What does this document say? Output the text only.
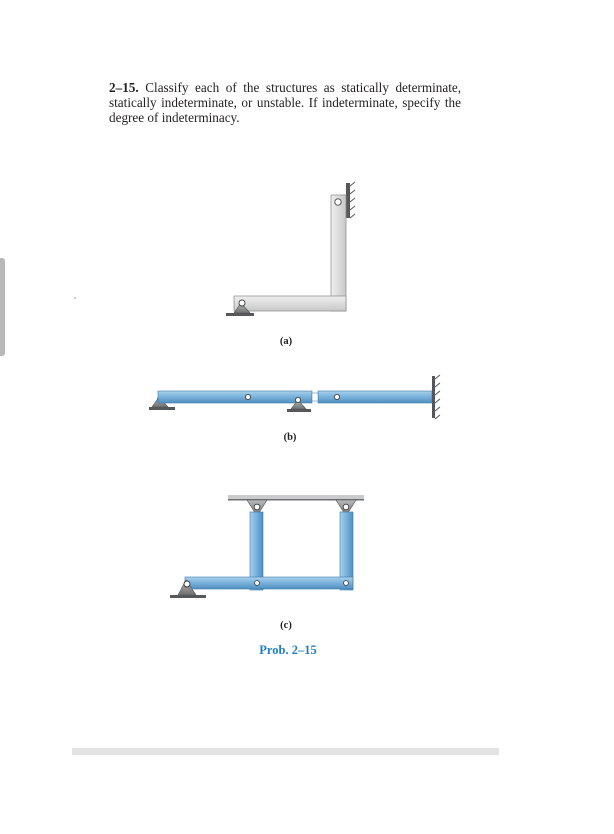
2–15. Classify each of the structures as statically determinate, statically indeterminate, or unstable. If indeterminate, specify the degree of indeterminacy.

(a)
(b)
(c)
Prob. 2–15
